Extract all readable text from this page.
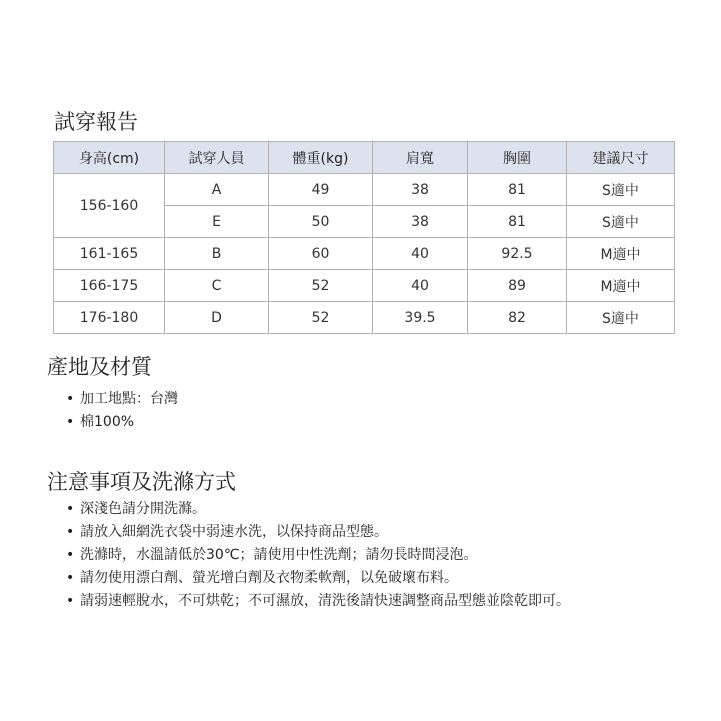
試穿報告
身高(cm)	試穿人員	體重(kg)	肩寬	胸圍	建議尺寸
156-160	A	49	38	81	S適中
	E	50	38	81	S適中
161-165	B	60	40	92.5	M適中
166-175	C	52	40	89	M適中
176-180	D	52	39.5	82	S適中
產地及材質
• 加工地點：台灣
• 棉100%
注意事項及洗滌方式
• 深淺色請分開洗滌。
• 請放入細網洗衣袋中弱速水洗，以保持商品型態。
• 洗滌時，水溫請低於30℃；請使用中性洗劑；請勿長時間浸泡。
• 請勿使用漂白劑、螢光增白劑及衣物柔軟劑，以免破壞布料。
• 請弱速輕脫水，不可烘乾；不可濕放，清洗後請快速調整商品型態並陰乾即可。
